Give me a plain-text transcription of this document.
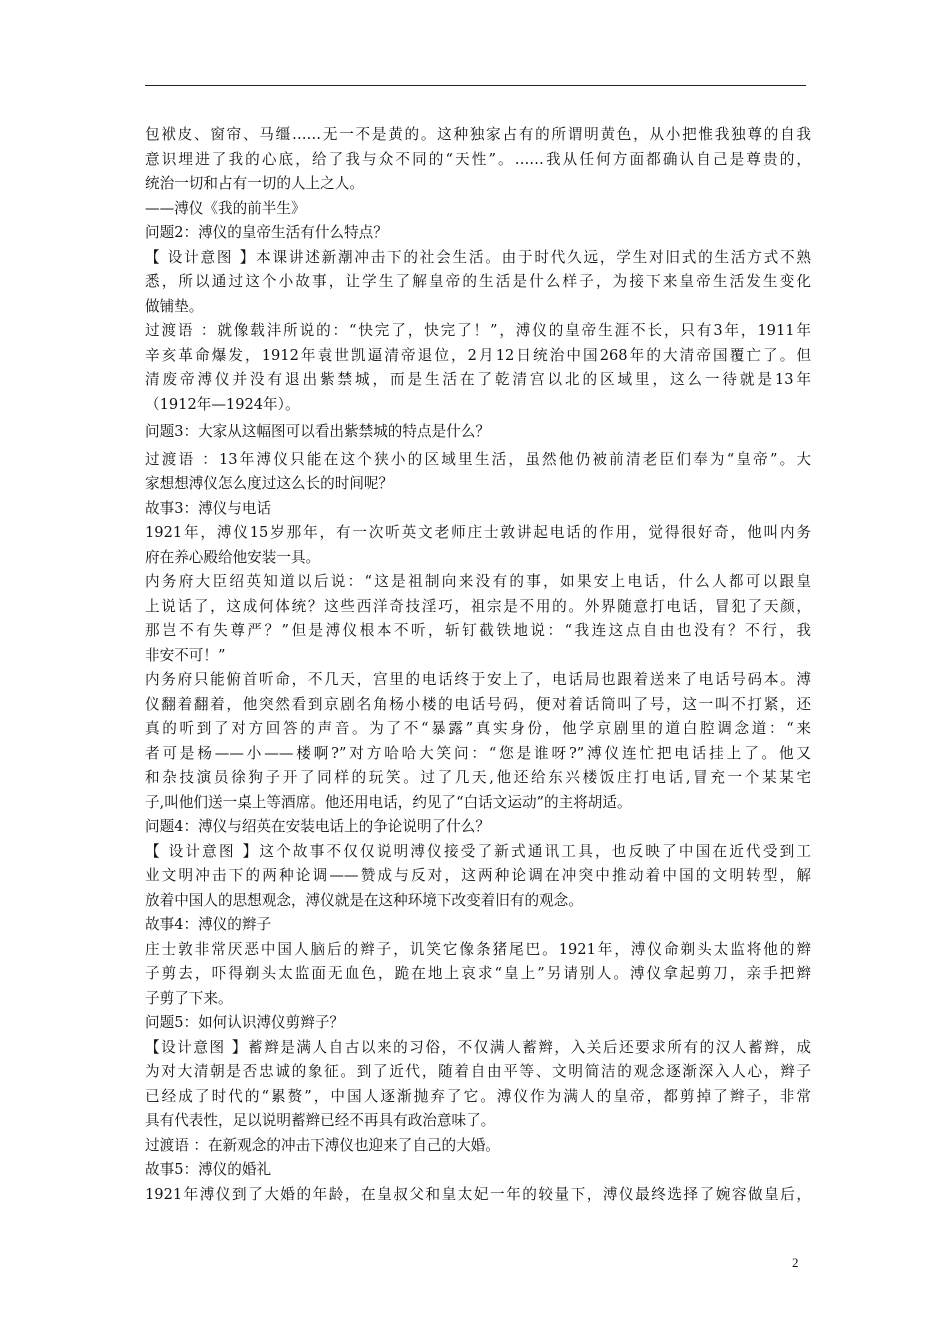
包袱皮、窗帘、马缰……无一不是黄的。这种独家占有的所谓明黄色，从小把惟我独尊的自我
意识埋进了我的心底，给了我与众不同的“天性”。……我从任何方面都确认自己是尊贵的，
统治一切和占有一切的人上之人。
——溥仪《我的前半生》
问题2：溥仪的皇帝生活有什么特点？
【 设计意图 】本课讲述新潮冲击下的社会生活。由于时代久远，学生对旧式的生活方式不熟
悉，所以通过这个小故事，让学生了解皇帝的生活是什么样子，为接下来皇帝生活发生变化
做铺垫。
过渡语 ：就像载沣所说的：“快完了，快完了！”，溥仪的皇帝生涯不长，只有3年，1911年
辛亥革命爆发，1912年袁世凯逼清帝退位，2月12日统治中国268年的大清帝国覆亡了。但
清废帝溥仪并没有退出紫禁城，而是生活在了乾清宫以北的区域里，这么一待就是13年
（1912年—1924年）。
问题3：大家从这幅图可以看出紫禁城的特点是什么？
过渡语 ：13年溥仪只能在这个狭小的区域里生活，虽然他仍被前清老臣们奉为“皇帝”。大
家想想溥仪怎么度过这么长的时间呢？
故事3：溥仪与电话
1921年，溥仪15岁那年，有一次听英文老师庄士敦讲起电话的作用，觉得很好奇，他叫内务
府在养心殿给他安装一具。
内务府大臣绍英知道以后说：“这是祖制向来没有的事，如果安上电话，什么人都可以跟皇
上说话了，这成何体统？这些西洋奇技淫巧，祖宗是不用的。外界随意打电话，冒犯了天颜，
那岂不有失尊严？”但是溥仪根本不听，斩钉截铁地说：“我连这点自由也没有？不行，我
非安不可！”
内务府只能俯首听命，不几天，宫里的电话终于安上了，电话局也跟着送来了电话号码本。溥
仪翻着翻着，他突然看到京剧名角杨小楼的电话号码，便对着话筒叫了号，这一叫不打紧，还
真的听到了对方回答的声音。为了不“暴露”真实身份，他学京剧里的道白腔调念道：“来
者可是杨——小——楼啊?”对方哈哈大笑问：“您是谁呀?”溥仪连忙把电话挂上了。他又
和杂技演员徐狗子开了同样的玩笑。过了几天,他还给东兴楼饭庄打电话,冒充一个某某宅
子,叫他们送一桌上等酒席。他还用电话，约见了“白话文运动”的主将胡适。
问题4：溥仪与绍英在安装电话上的争论说明了什么？
【 设计意图 】这个故事不仅仅说明溥仪接受了新式通讯工具，也反映了中国在近代受到工
业文明冲击下的两种论调——赞成与反对，这两种论调在冲突中推动着中国的文明转型，解
放着中国人的思想观念，溥仪就是在这种环境下改变着旧有的观念。
故事4：溥仪的辫子
庄士敦非常厌恶中国人脑后的辫子，讥笑它像条猪尾巴。1921年，溥仪命剃头太监将他的辫
子剪去，吓得剃头太监面无血色，跪在地上哀求“皇上”另请别人。溥仪拿起剪刀，亲手把辫
子剪了下来。
问题5：如何认识溥仪剪辫子？
【设计意图 】蓄辫是满人自古以来的习俗，不仅满人蓄辫，入关后还要求所有的汉人蓄辫，成
为对大清朝是否忠诚的象征。到了近代，随着自由平等、文明简洁的观念逐渐深入人心，辫子
已经成了时代的“累赘”，中国人逐渐抛弃了它。溥仪作为满人的皇帝，都剪掉了辫子，非常
具有代表性，足以说明蓄辫已经不再具有政治意味了。
过渡语 ：在新观念的冲击下溥仪也迎来了自己的大婚。
故事5：溥仪的婚礼
1921年溥仪到了大婚的年龄，在皇叔父和皇太妃一年的较量下，溥仪最终选择了婉容做皇后，
2
